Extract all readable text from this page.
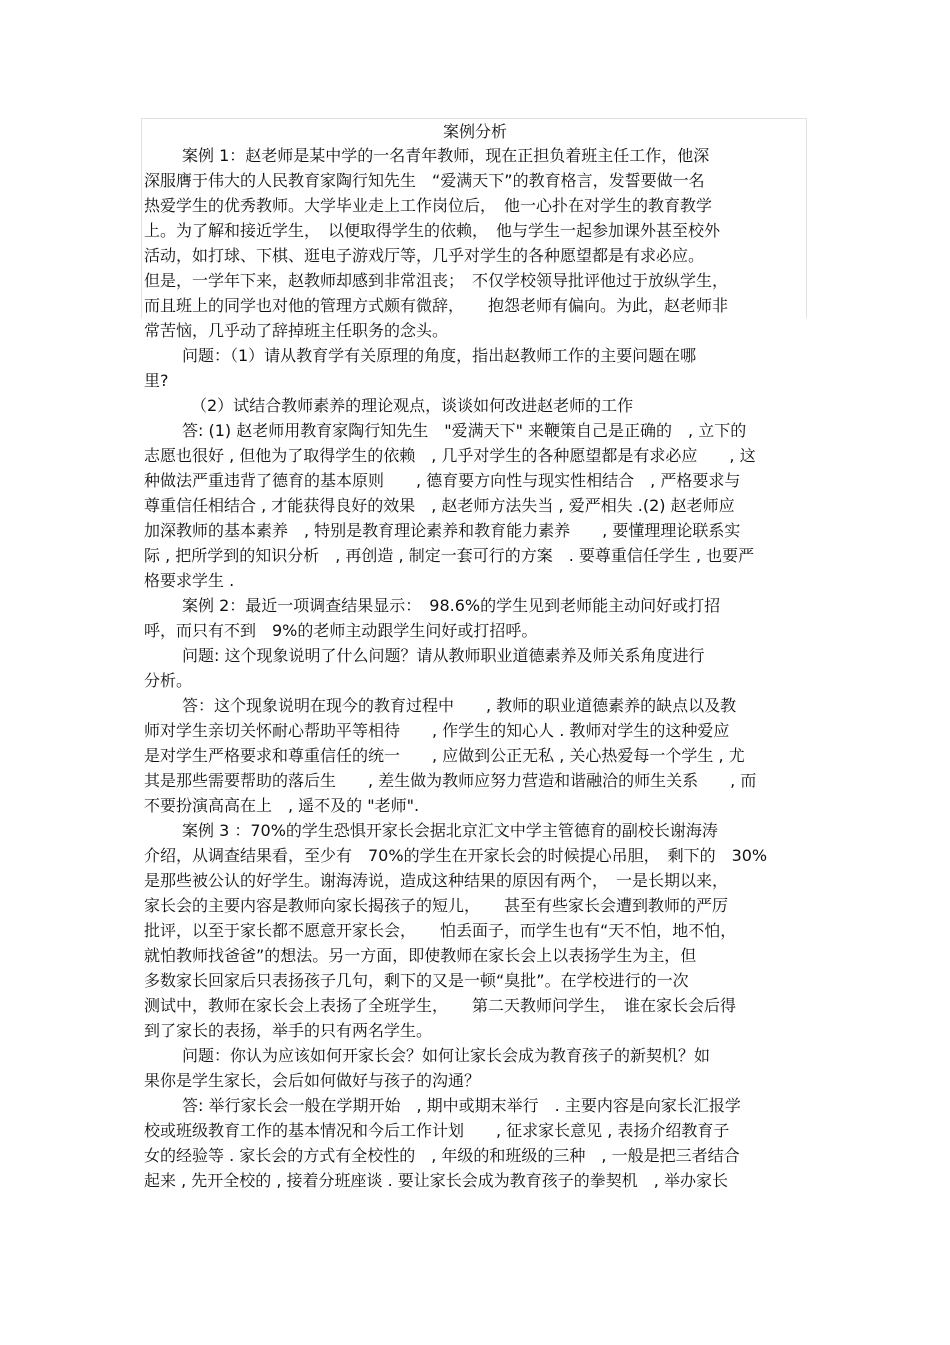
案例分析
案例 1：赵老师是某中学的一名青年教师，现在正担负着班主任工作，他深
深服膺于伟大的人民教育家陶行知先生　“爱满天下”的教育格言，发誓要做一名
热爱学生的优秀教师。大学毕业走上工作岗位后，　他一心扑在对学生的教育教学
上。为了解和接近学生，　以便取得学生的依赖，　他与学生一起参加课外甚至校外
活动，如打球、下棋、逛电子游戏厅等，几乎对学生的各种愿望都是有求必应。
但是，一学年下来，赵教师却感到非常沮丧；　不仅学校领导批评他过于放纵学生，
而且班上的同学也对他的管理方式颇有微辞，　　抱怨老师有偏向。为此，赵老师非
常苦恼，几乎动了辞掉班主任职务的念头。
问题：（1）请从教育学有关原理的角度，指出赵教师工作的主要问题在哪
里?
（2）试结合教师素养的理论观点，谈谈如何改进赵老师的工作
答: (1) 赵老师用教育家陶行知先生　"爱满天下" 来鞭策自己是正确的　, 立下的
志愿也很好 , 但他为了取得学生的依赖　, 几乎对学生的各种愿望都是有求必应　　, 这
种做法严重违背了德育的基本原则　　, 德育要方向性与现实性相结合　, 严格要求与
尊重信任相结合 , 才能获得良好的效果　, 赵老师方法失当 , 爱严相失 .(2) 赵老师应
加深教师的基本素养　, 特别是教育理论素养和教育能力素养　　, 要懂理理论联系实
际 , 把所学到的知识分析　, 再创造 , 制定一套可行的方案　. 要尊重信任学生 , 也要严
格要求学生 .
案例 2：最近一项调查结果显示：　98.6%的学生见到老师能主动问好或打招
呼，而只有不到　9%的老师主动跟学生问好或打招呼。
问题: 这个现象说明了什么问题？请从教师职业道德素养及师关系角度进行
分析。
答：这个现象说明在现今的教育过程中　　, 教师的职业道德素养的缺点以及教
师对学生亲切关怀耐心帮助平等相待　　, 作学生的知心人 . 教师对学生的这种爱应
是对学生严格要求和尊重信任的统一　　, 应做到公正无私 , 关心热爱每一个学生 , 尤
其是那些需要帮助的落后生　　, 差生做为教师应努力营造和谐融洽的师生关系　　, 而
不要扮演高高在上　, 遥不及的 "老师".
案例 3 ：70%的学生恐惧开家长会据北京汇文中学主管德育的副校长谢海涛
介绍，从调查结果看，至少有　70%的学生在开家长会的时候提心吊胆，　剩下的　30%
是那些被公认的好学生。谢海涛说，造成这种结果的原因有两个，　一是长期以来，
家长会的主要内容是教师向家长揭孩子的短儿，　　甚至有些家长会遭到教师的严厉
批评，以至于家长都不愿意开家长会，　　怕丢面子，而学生也有“天不怕，地不怕，
就怕教师找爸爸”的想法。另一方面，即使教师在家长会上以表扬学生为主，但
多数家长回家后只表扬孩子几句，剩下的又是一顿“臭批”。在学校进行的一次
测试中，教师在家长会上表扬了全班学生，　　第二天教师问学生，　谁在家长会后得
到了家长的表扬，举手的只有两名学生。
问题：你认为应该如何开家长会？如何让家长会成为教育孩子的新契机？如
果你是学生家长，会后如何做好与孩子的沟通？
答: 举行家长会一般在学期开始　, 期中或期末举行　. 主要内容是向家长汇报学
校或班级教育工作的基本情况和今后工作计划　　, 征求家长意见 , 表扬介绍教育子
女的经验等 . 家长会的方式有全校性的　, 年级的和班级的三种　, 一般是把三者结合
起来 , 先开全校的 , 接着分班座谈 . 要让家长会成为教育孩子的拳契机　, 举办家长
